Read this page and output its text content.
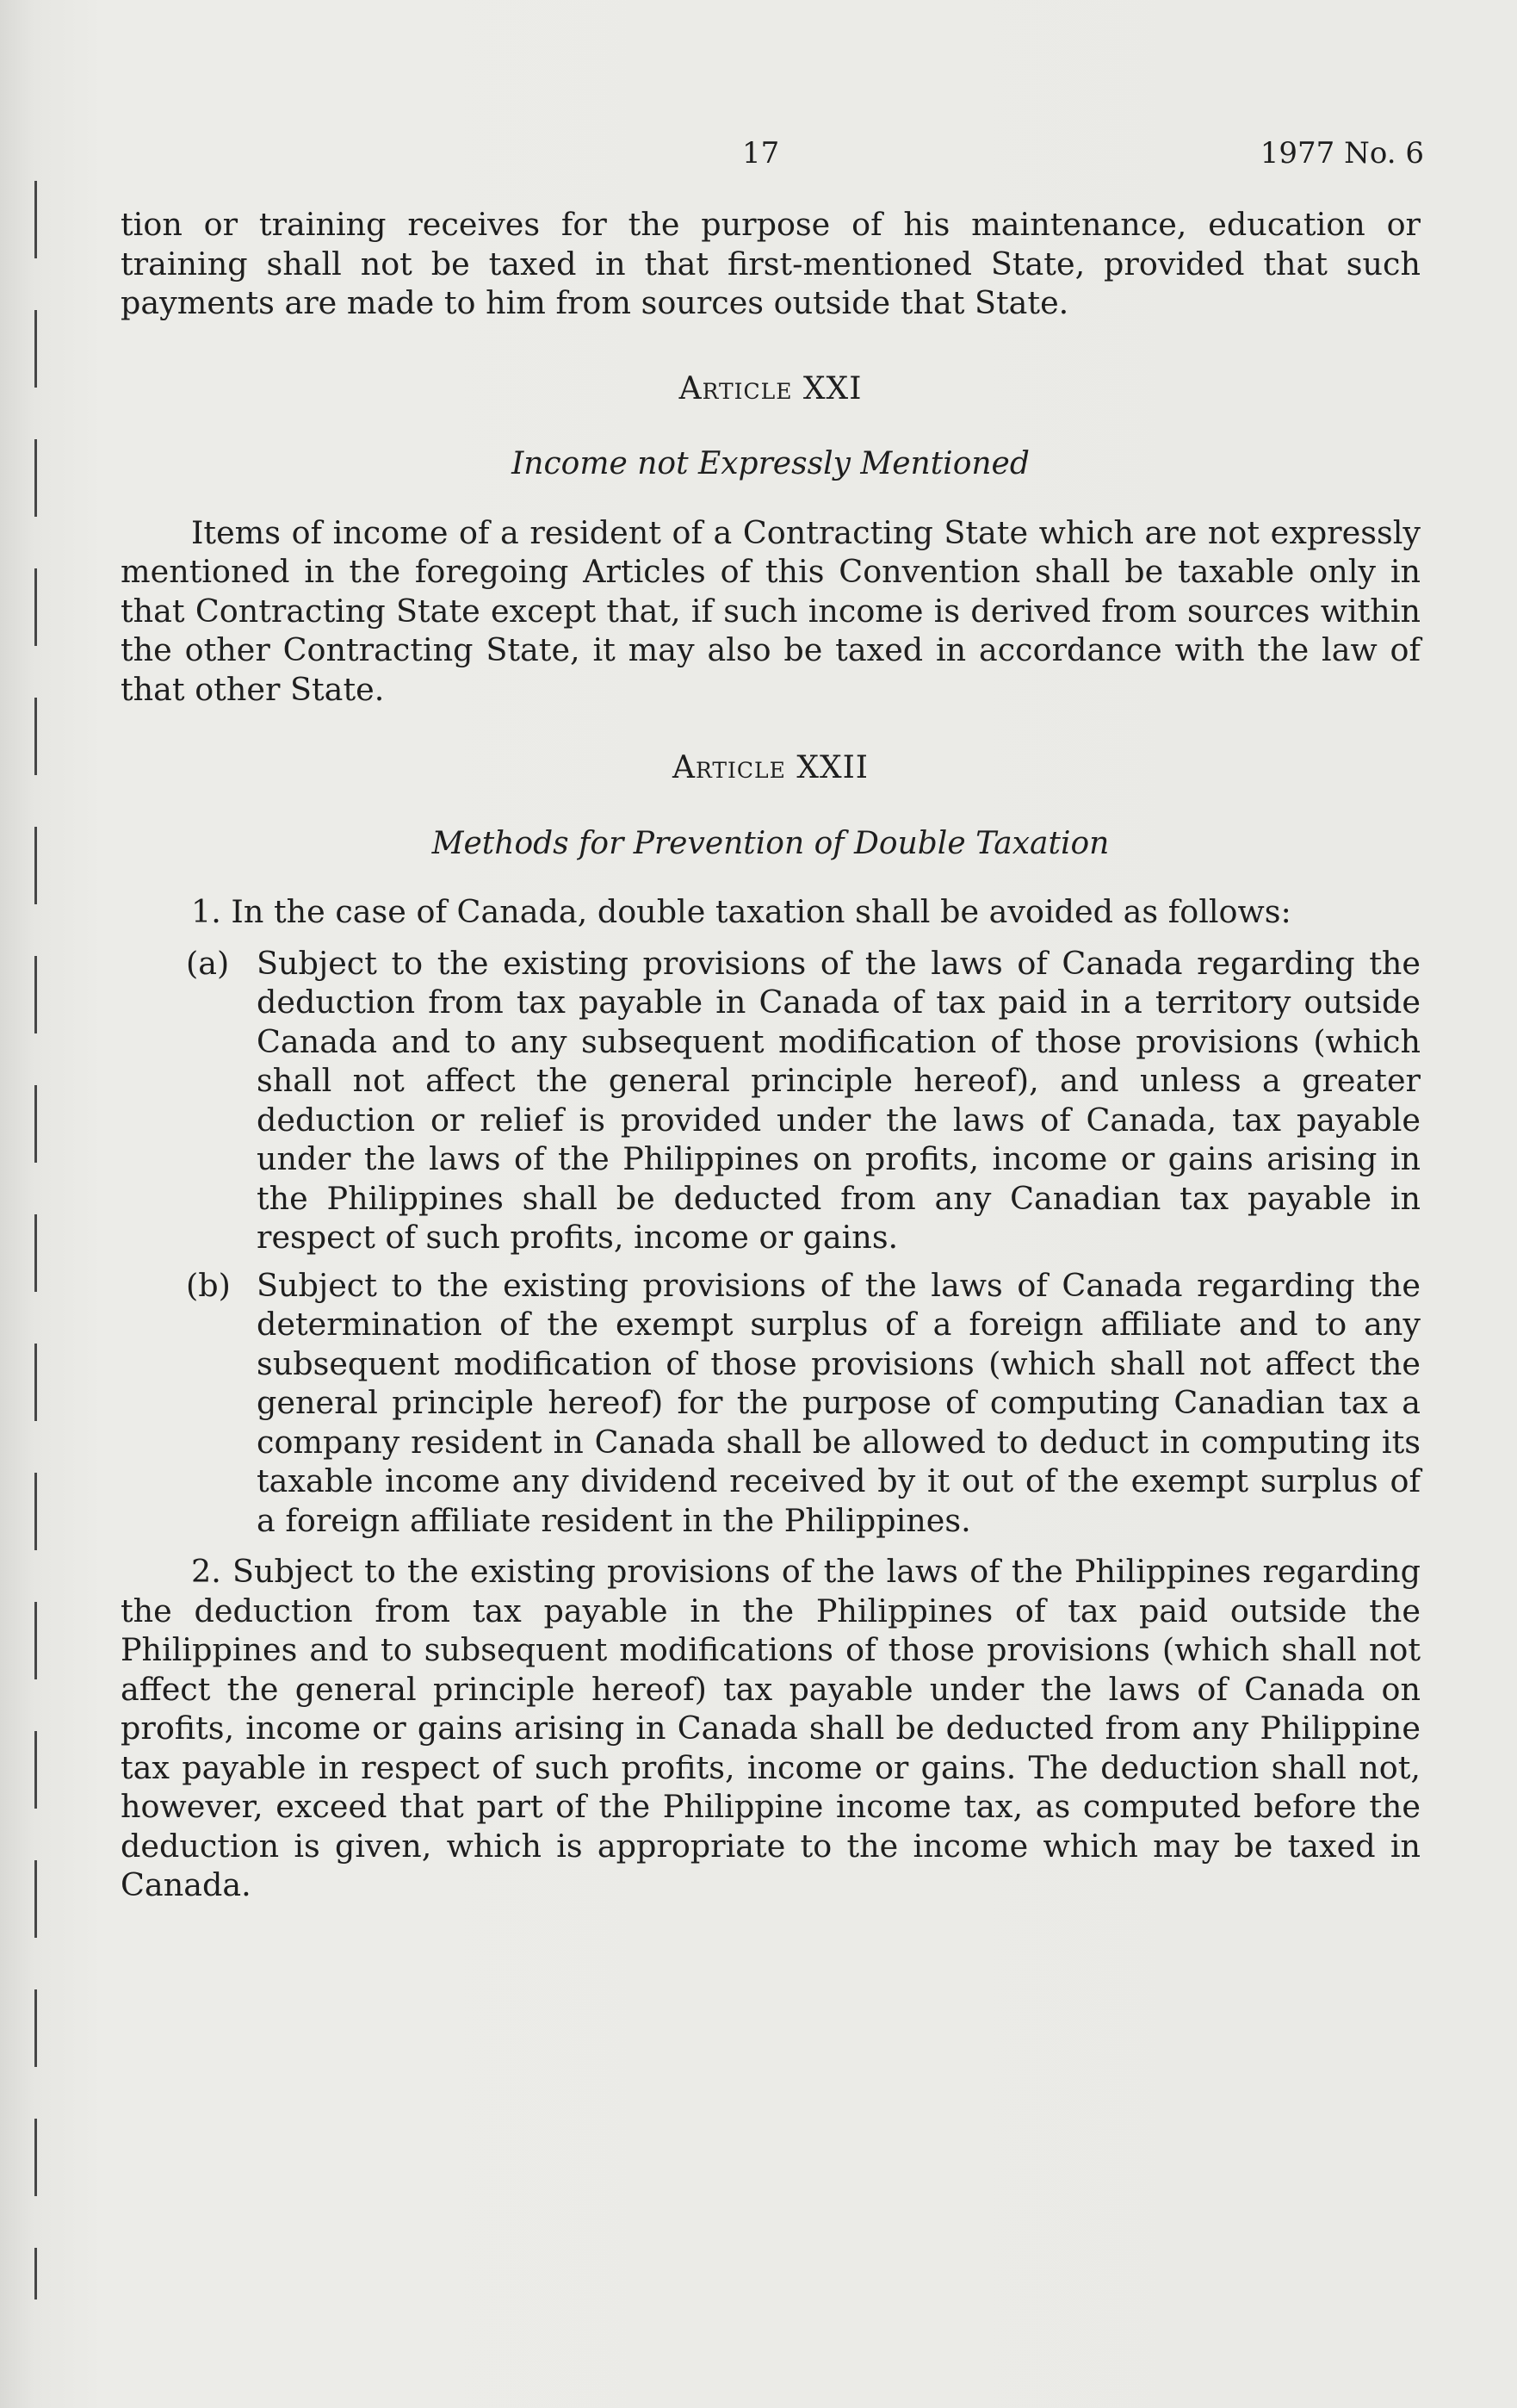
17	1977 No. 6

tion or training receives for the purpose of his maintenance, education or training shall not be taxed in that first-mentioned State, provided that such payments are made to him from sources outside that State.

Article XXI
Income not Expressly Mentioned

Items of income of a resident of a Contracting State which are not expressly mentioned in the foregoing Articles of this Convention shall be taxable only in that Contracting State except that, if such income is derived from sources within the other Contracting State, it may also be taxed in accordance with the law of that other State.

Article XXII
Methods for Prevention of Double Taxation

1. In the case of Canada, double taxation shall be avoided as follows:

(a) Subject to the existing provisions of the laws of Canada regarding the deduction from tax payable in Canada of tax paid in a territory outside Canada and to any subsequent modification of those provisions (which shall not affect the general principle hereof), and unless a greater deduction or relief is provided under the laws of Canada, tax payable under the laws of the Philippines on profits, income or gains arising in the Philippines shall be deducted from any Canadian tax payable in respect of such profits, income or gains.

(b) Subject to the existing provisions of the laws of Canada regarding the determination of the exempt surplus of a foreign affiliate and to any subsequent modification of those provisions (which shall not affect the general principle hereof) for the purpose of computing Canadian tax a company resident in Canada shall be allowed to deduct in computing its taxable income any dividend received by it out of the exempt surplus of a foreign affiliate resident in the Philippines.

2. Subject to the existing provisions of the laws of the Philippines regarding the deduction from tax payable in the Philippines of tax paid outside the Philippines and to subsequent modifications of those provisions (which shall not affect the general principle hereof) tax payable under the laws of Canada on profits, income or gains arising in Canada shall be deducted from any Philippine tax payable in respect of such profits, income or gains. The deduction shall not, however, exceed that part of the Philippine income tax, as computed before the deduction is given, which is appropriate to the income which may be taxed in Canada.
